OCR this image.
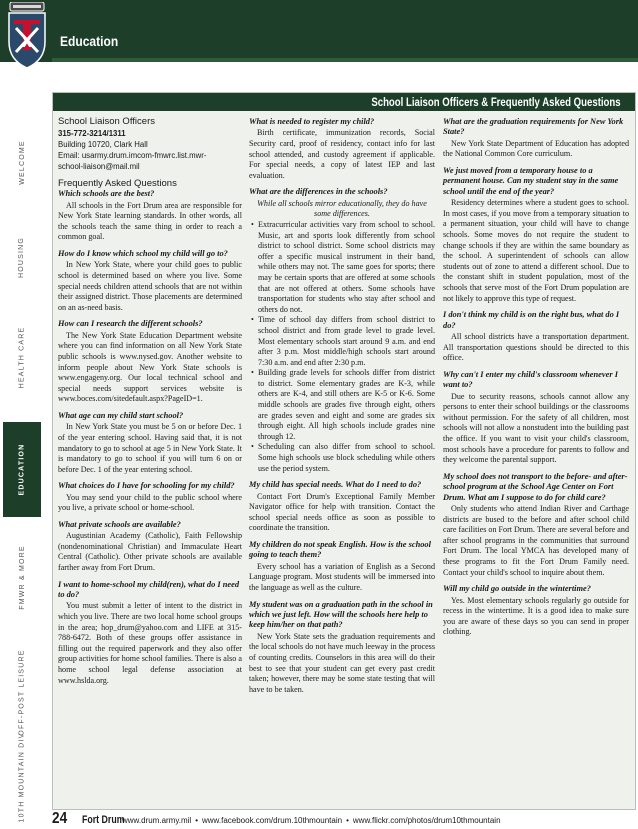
Education
X
WELCOME
HOUSING
HEALTH CARE
EDUCATION
FMWR & MORE
OFF-POST LEISURE
10TH MOUNTAIN DIV
School Liaison Officers & Frequently Asked Questions

School Liaison Officers

315-772-3214/1311

Building 10720, Clark Hall

Email: usarmy.drum.imcom-fmwrc.list.mwr-

school-liaison@mail.mil

Frequently Asked Questions

Which schools are the best?

All schools in the Fort Drum area are responsible for New York State learning standards. In other words, all the schools teach the same thing in order to reach a common goal.

How do I know which school my child will go to?

In New York State, where your child goes to public school is determined based on where you live. Some special needs children attend schools that are not within their assigned district. Those placements are determined on an as-need basis.

How can I research the different schools?

The New York State Education Department website where you can find information on all New York State public schools is www.nysed.gov. Another website to inform people about New York State schools is www.engageny.org. Our local technical school and special needs support services website is www.boces.com/sitedefault.aspx?PageID=1.

What age can my child start school?

In New York State you must be 5 on or before Dec. 1 of the year entering school. Having said that, it is not mandatory to go to school at age 5 in New York State. It is mandatory to go to school if you will turn 6 on or before Dec. 1 of the year entering school.

What choices do I have for schooling for my child?

You may send your child to the public school where you live, a private school or home-school.

What private schools are available?

Augustinian Academy (Catholic), Faith Fellowship (nondenominational Christian) and Immaculate Heart Central (Catholic). Other private schools are available farther away from Fort Drum.

I want to home-school my child(ren), what do I need to do?

You must submit a letter of intent to the district in which you live. There are two local home school groups in the area; hop_drum@yahoo.com and LIFE at 315-788-6472. Both of these groups offer assistance in filling out the required paperwork and they also offer group activities for home school families. There is also a home school legal defense association at www.hslda.org.

What is needed to register my child?

Birth certificate, immunization records, Social Security card, proof of residency, contact info for last school attended, and custody agreement if applicable. For special needs, a copy of latest IEP and last evaluation.

What are the differences in the schools?

While all schools mirror educationally, they do have some differences.

• Extracurricular activities vary from school to school. Music, art and sports look differently from school district to school district. Some school districts may offer a specific musical instrument in their band, while others may not. The same goes for sports; there may be certain sports that are offered at some schools that are not offered at others. Some schools have transportation for students who stay after school and others do not.
• Time of school day differs from school district to school district and from grade level to grade level. Most elementary schools start around 9 a.m. and end after 3 p.m. Most middle/high schools start around 7:30 a.m. and end after 2:30 p.m.
• Building grade levels for schools differ from district to district. Some elementary grades are K-3, while others are K-4, and still others are K-5 or K-6. Some middle schools are grades five through eight, others are grades seven and eight and some are grades six through eight. All high schools include grades nine through 12.
• Scheduling can also differ from school to school. Some high schools use block scheduling while others use the period system.

My child has special needs. What do I need to do?

Contact Fort Drum's Exceptional Family Member Navigator office for help with transition. Contact the school special needs office as soon as possible to coordinate the transition.

My children do not speak English. How is the school going to teach them?

Every school has a variation of English as a Second Language program. Most students will be immersed into the language as well as the culture.

My student was on a graduation path in the school in which we just left. How will the schools here help to keep him/her on that path?

New York State sets the graduation requirements and the local schools do not have much leeway in the process of counting credits. Counselors in this area will do their best to see that your student can get every past credit taken; however, there may be some state testing that will have to be taken.

What are the graduation requirements for New York State?

New York State Department of Education has adopted the National Common Core curriculum.

We just moved from a temporary house to a permanent house. Can my student stay in the same school until the end of the year?

Residency determines where a student goes to school. In most cases, if you move from a temporary situation to a permanent situation, your child will have to change schools. Some moves do not require the student to change schools if they are within the same boundary as the school. A superintendent of schools can allow students out of zone to attend a different school. Due to the constant shift in student population, most of the schools that serve most of the Fort Drum population are not likely to approve this type of request.

I don't think my child is on the right bus, what do I do?

All school districts have a transportation department. All transportation questions should be directed to this office.

Why can't I enter my child's classroom whenever I want to?

Due to security reasons, schools cannot allow any persons to enter their school buildings or the classrooms without permission. For the safety of all children, most schools will not allow a nonstudent into the building past the office. If you want to visit your child's classroom, most schools have a procedure for parents to follow and they welcome the parental support.

My school does not transport to the before- and after-school program at the School Age Center on Fort Drum. What am I suppose to do for child care?

Only students who attend Indian River and Carthage districts are bused to the before and after school child care facilities on Fort Drum. There are several before and after school programs in the communities that surround Fort Drum. The local YMCA has developed many of these programs to fit the Fort Drum Family need. Contact your child's school to inquire about them.

Will my child go outside in the wintertime?

Yes. Most elementary schools regularly go outside for recess in the wintertime. It is a good idea to make sure you are aware of these days so you can send in proper clothing.

24 Fort Drum
www.drum.army.mil • www.facebook.com/drum.10thmountain • www.flickr.com/photos/drum10thmountain
